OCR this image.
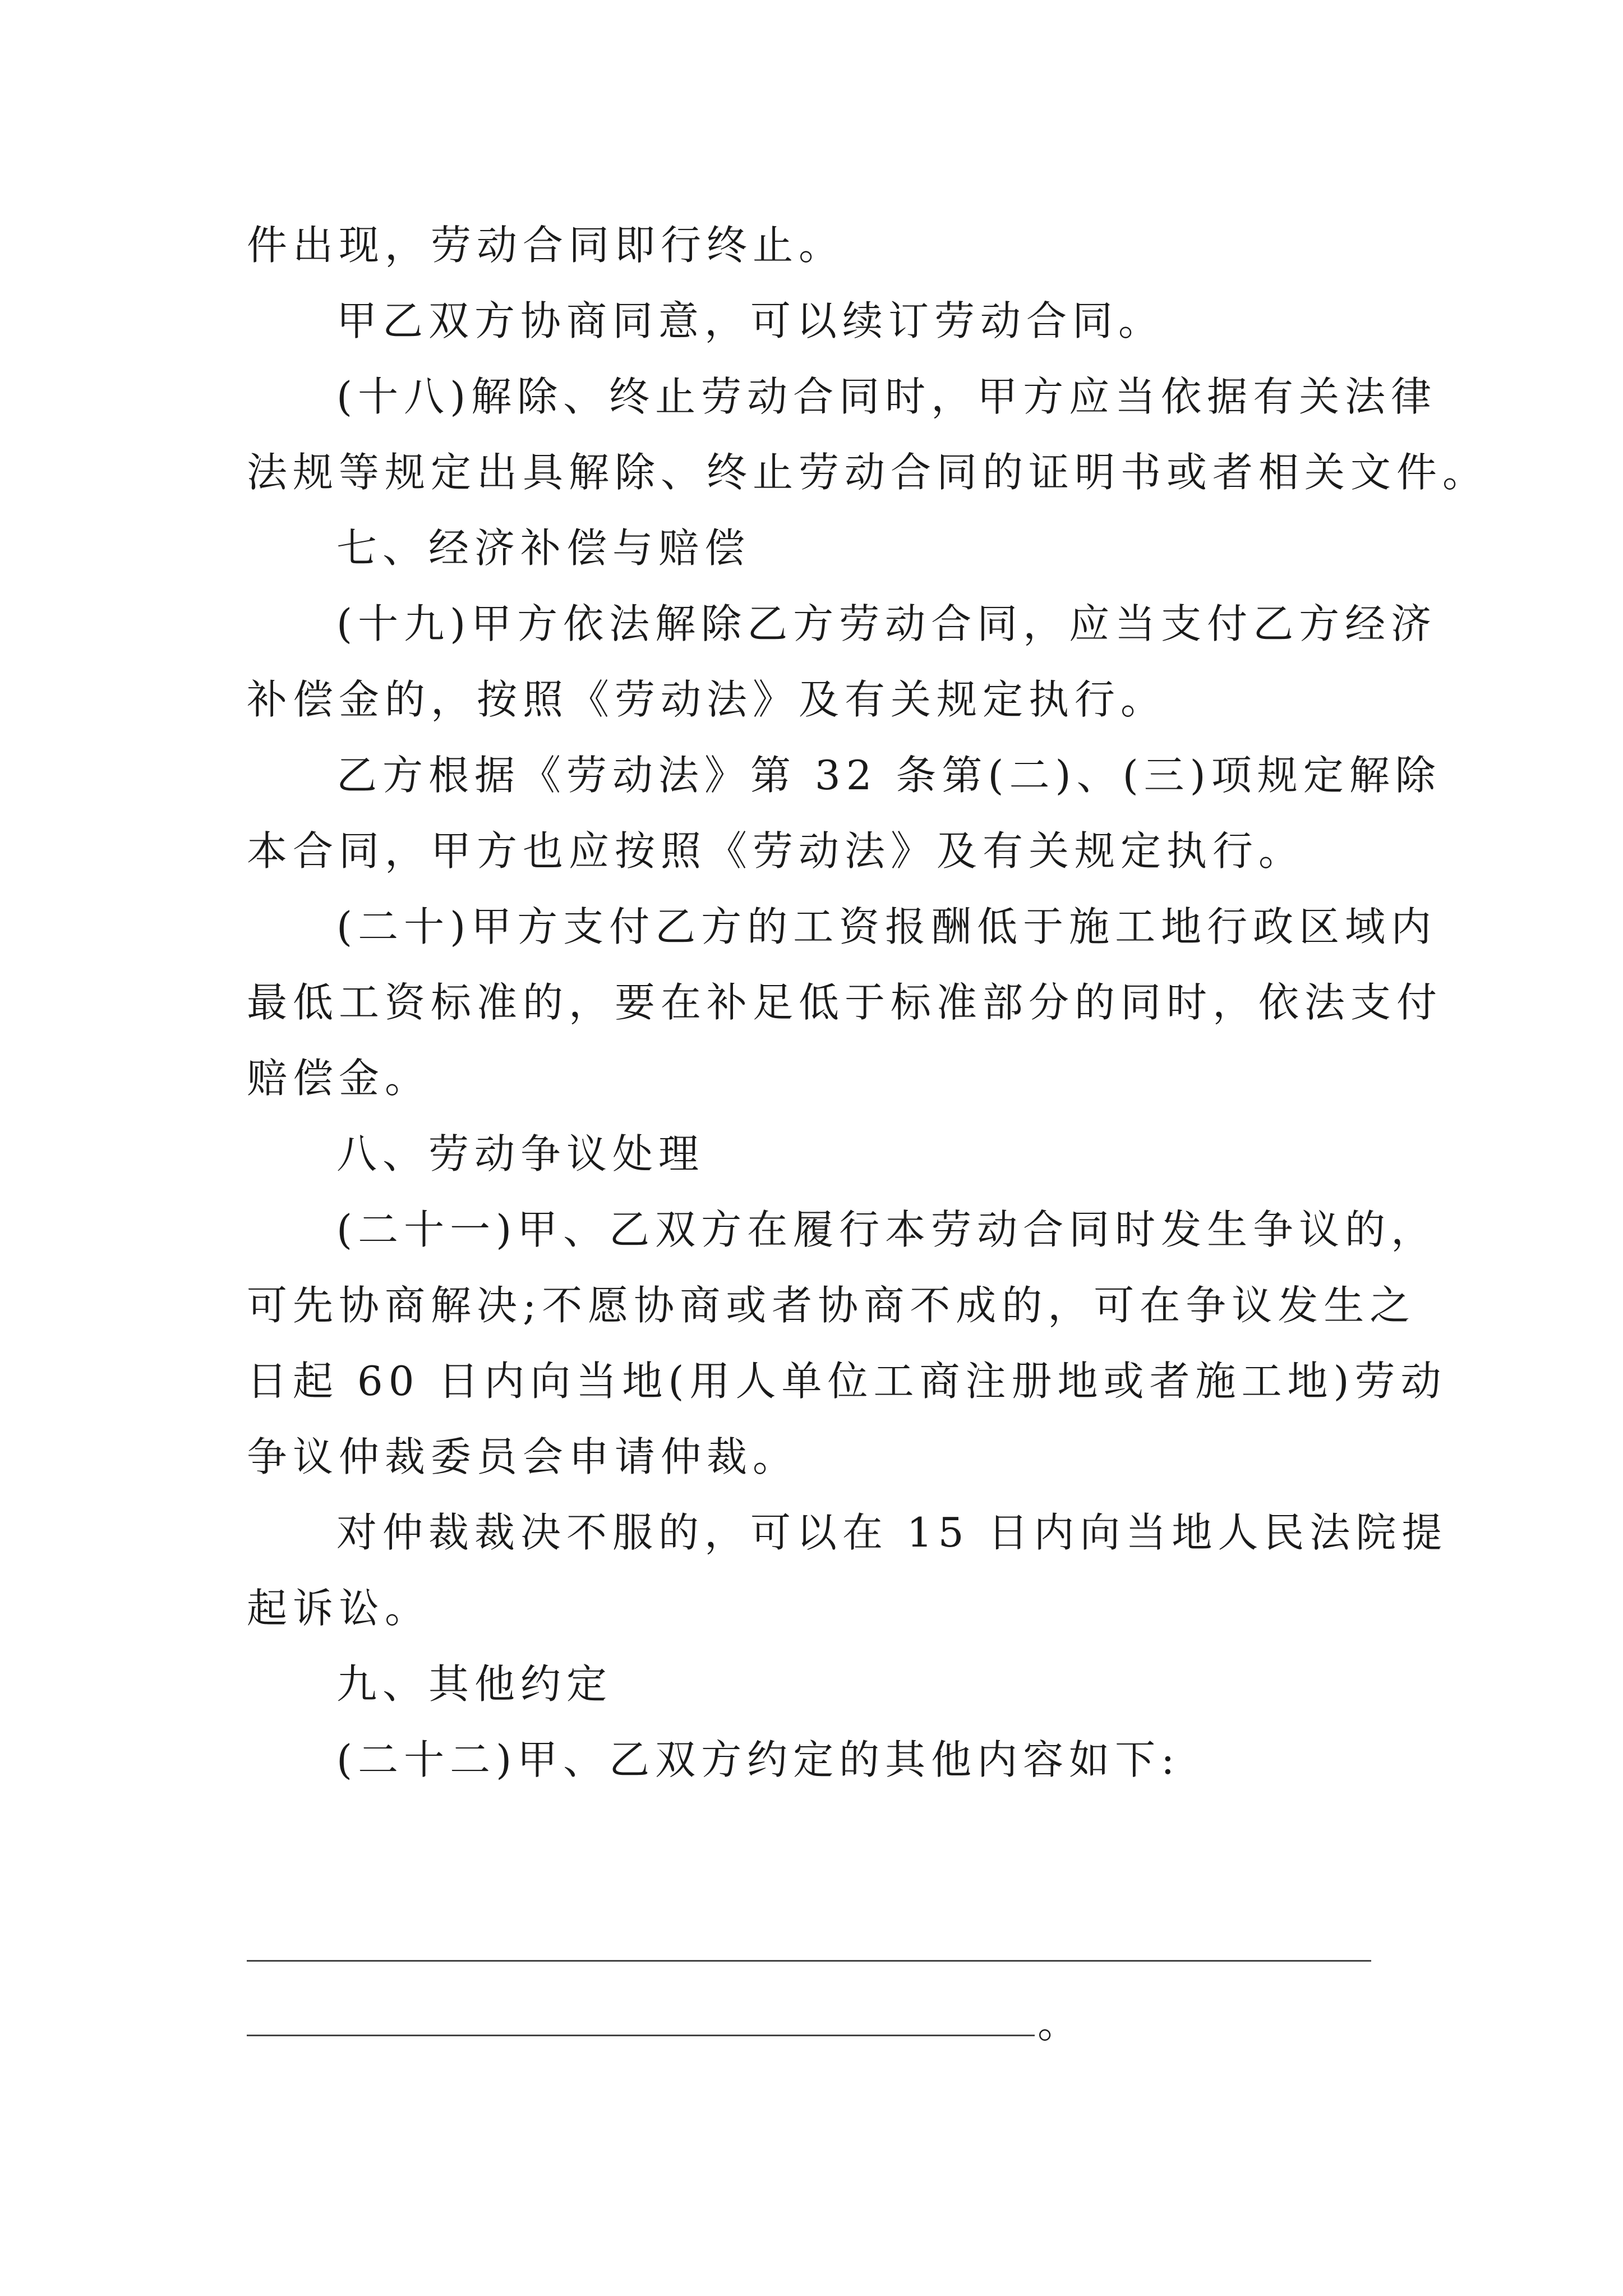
件出现，劳动合同即行终止。
甲乙双方协商同意，可以续订劳动合同。
(十八)解除、终止劳动合同时，甲方应当依据有关法律
法规等规定出具解除、终止劳动合同的证明书或者相关文件。
七、经济补偿与赔偿
(十九)甲方依法解除乙方劳动合同，应当支付乙方经济
补偿金的，按照《劳动法》及有关规定执行。
乙方根据《劳动法》第 32 条第(二)、(三)项规定解除
本合同，甲方也应按照《劳动法》及有关规定执行。
(二十)甲方支付乙方的工资报酬低于施工地行政区域内
最低工资标准的，要在补足低于标准部分的同时，依法支付
赔偿金。
八、劳动争议处理
(二十一)甲、乙双方在履行本劳动合同时发生争议的，
可先协商解决;不愿协商或者协商不成的，可在争议发生之
日起 60 日内向当地(用人单位工商注册地或者施工地)劳动
争议仲裁委员会申请仲裁。
对仲裁裁决不服的，可以在 15 日内向当地人民法院提
起诉讼。
九、其他约定
(二十二)甲、乙双方约定的其他内容如下:
。
